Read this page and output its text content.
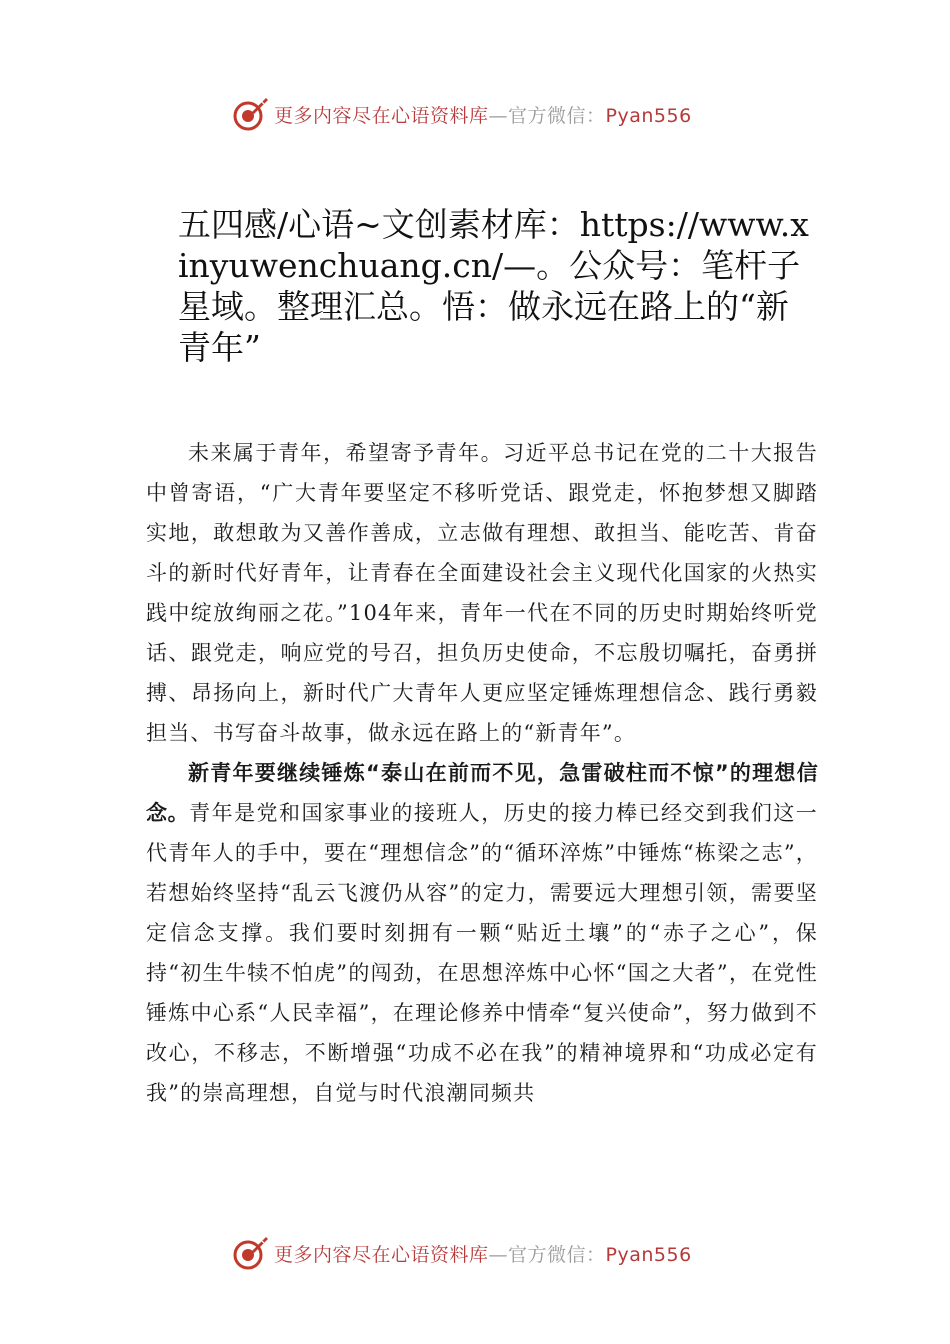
更多内容尽在心语资料库—官方微信：Pyan556
五四感/心语~文创素材库：https://www.xinyuwenchuang.cn/—。公众号：笔杆子星域。整理汇总。悟：做永远在路上的“新青年”

未来属于青年，希望寄予青年。习近平总书记在党的二十大报告中曾寄语，“广大青年要坚定不移听党话、跟党走，怀抱梦想又脚踏实地，敢想敢为又善作善成，立志做有理想、敢担当、能吃苦、肯奋斗的新时代好青年，让青春在全面建设社会主义现代化国家的火热实践中绽放绚丽之花。”104年来，青年一代在不同的历史时期始终听党话、跟党走，响应党的号召，担负历史使命，不忘殷切嘱托，奋勇拼搏、昂扬向上，新时代广大青年人更应坚定锤炼理想信念、践行勇毅担当、书写奋斗故事，做永远在路上的“新青年”。

新青年要继续锤炼“泰山在前而不见，急雷破柱而不惊”的理想信念。青年是党和国家事业的接班人，历史的接力棒已经交到我们这一代青年人的手中，要在“理想信念”的“循环淬炼”中锤炼“栋梁之志”，若想始终坚持“乱云飞渡仍从容”的定力，需要远大理想引领，需要坚定信念支撑。我们要时刻拥有一颗“贴近土壤”的“赤子之心”，保持“初生牛犊不怕虎”的闯劲，在思想淬炼中心怀“国之大者”，在党性锤炼中心系“人民幸福”，在理论修养中情牵“复兴使命”，努力做到不改心，不移志，不断增强“功成不必在我”的精神境界和“功成必定有我”的崇高理想，自觉与时代浪潮同频共

更多内容尽在心语资料库—官方微信：Pyan556
